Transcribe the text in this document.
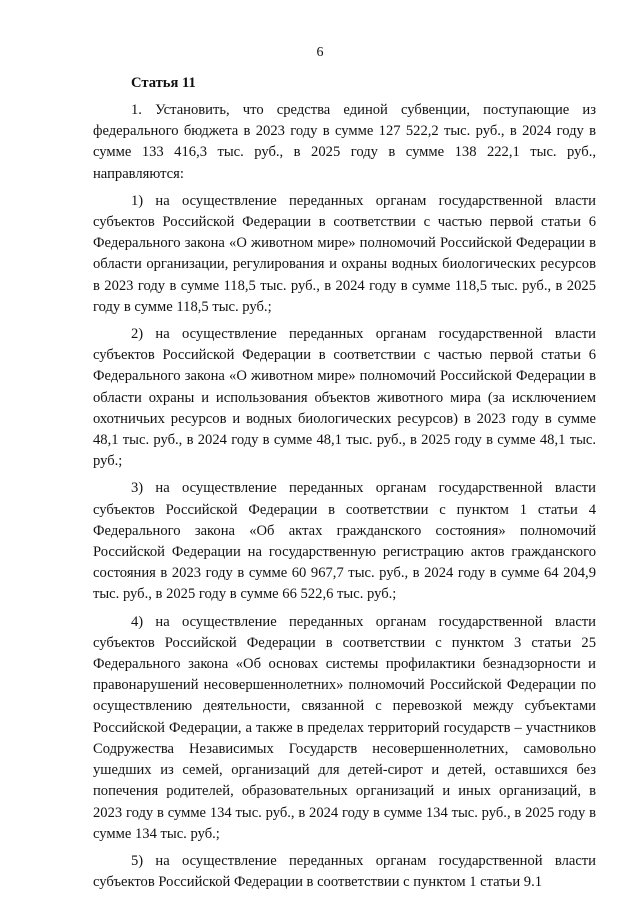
6
Статья 11

1. Установить, что средства единой субвенции, поступающие из федерального бюджета в 2023 году в сумме 127 522,2 тыс. руб., в 2024 году в сумме 133 416,3 тыс. руб., в 2025 году в сумме 138 222,1 тыс. руб., направляются:

1) на осуществление переданных органам государственной власти субъектов Российской Федерации в соответствии с частью первой статьи 6 Федерального закона «О животном мире» полномочий Российской Федерации в области организации, регулирования и охраны водных биологических ресурсов в 2023 году в сумме 118,5 тыс. руб., в 2024 году в сумме 118,5 тыс. руб., в 2025 году в сумме 118,5 тыс. руб.;

2) на осуществление переданных органам государственной власти субъектов Российской Федерации в соответствии с частью первой статьи 6 Федерального закона «О животном мире» полномочий Российской Федерации в области охраны и использования объектов животного мира (за исключением охотничьих ресурсов и водных биологических ресурсов) в 2023 году в сумме 48,1 тыс. руб., в 2024 году в сумме 48,1 тыс. руб., в 2025 году в сумме 48,1 тыс. руб.;

3) на осуществление переданных органам государственной власти субъектов Российской Федерации в соответствии с пунктом 1 статьи 4 Федерального закона «Об актах гражданского состояния» полномочий Российской Федерации на государственную регистрацию актов гражданского состояния в 2023 году в сумме 60 967,7 тыс. руб., в 2024 году в сумме 64 204,9 тыс. руб., в 2025 году в сумме 66 522,6 тыс. руб.;

4) на осуществление переданных органам государственной власти субъектов Российской Федерации в соответствии с пунктом 3 статьи 25 Федерального закона «Об основах системы профилактики безнадзорности и правонарушений несовершеннолетних» полномочий Российской Федерации по осуществлению деятельности, связанной с перевозкой между субъектами Российской Федерации, а также в пределах территорий государств – участников Содружества Независимых Государств несовершеннолетних, самовольно ушедших из семей, организаций для детей-сирот и детей, оставшихся без попечения родителей, образовательных организаций и иных организаций, в 2023 году в сумме 134 тыс. руб., в 2024 году в сумме 134 тыс. руб., в 2025 году в сумме 134 тыс. руб.;

5) на осуществление переданных органам государственной власти субъектов Российской Федерации в соответствии с пунктом 1 статьи 9.1
